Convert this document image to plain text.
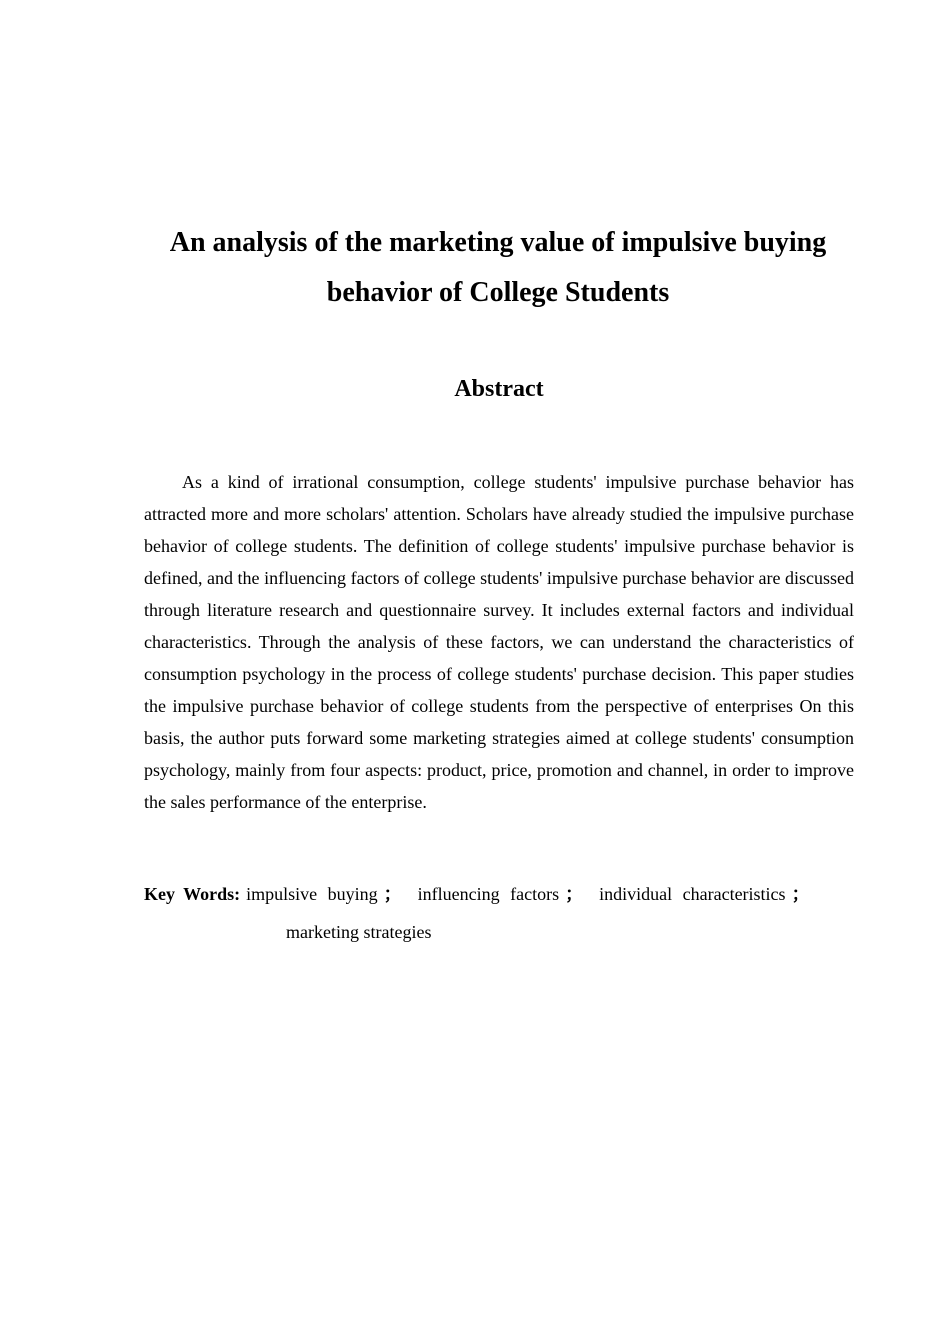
An analysis of the marketing value of impulsive buying
behavior of College Students
Abstract

As a kind of irrational consumption, college students' impulsive purchase behavior has attracted more and more scholars' attention. Scholars have already studied the impulsive purchase behavior of college students. The definition of college students' impulsive purchase behavior is defined, and the influencing factors of college students' impulsive purchase behavior are discussed through literature research and questionnaire survey. It includes external factors and individual characteristics. Through the analysis of these factors, we can understand the characteristics of consumption psychology in the process of college students' purchase decision. This paper studies the impulsive purchase behavior of college students from the perspective of enterprises On this basis, the author puts forward some marketing strategies aimed at college students' consumption psychology, mainly from four aspects: product, price, promotion and channel, in order to improve the sales performance of the enterprise.

Key Words: impulsive buying ； influencing factors ； individual characteristics ；
marketing strategies
